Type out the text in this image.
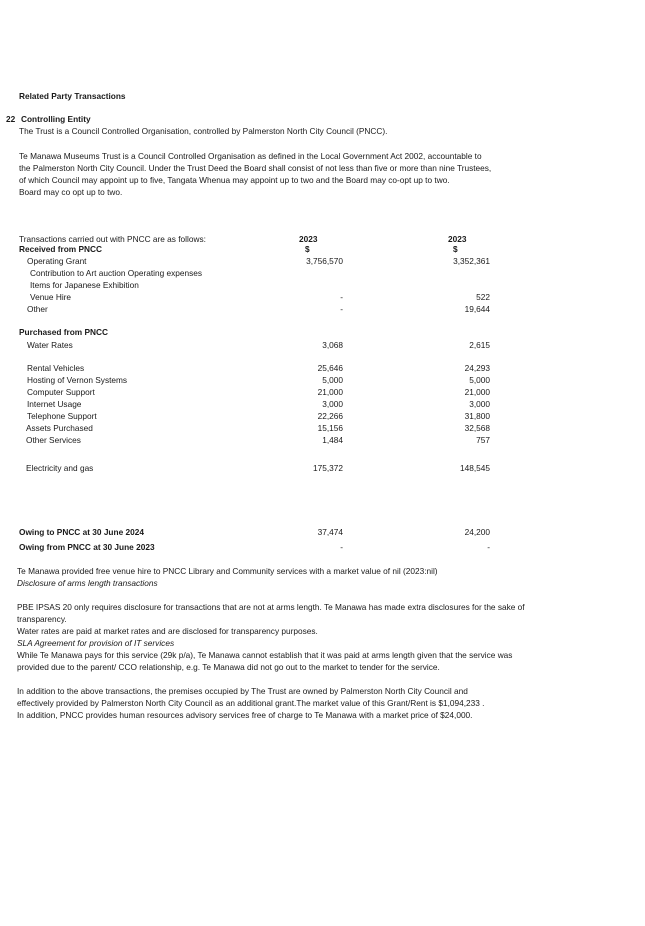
Related Party Transactions
22 Controlling Entity
The Trust is a Council Controlled Organisation, controlled by Palmerston North City Council (PNCC).
Te Manawa Museums Trust is a Council Controlled Organisation as defined in the Local Government Act 2002, accountable to
the Palmerston North City Council. Under the Trust Deed the Board shall consist of not less than five or more than nine Trustees,
of which Council may appoint up to five, Tangata Whenua may appoint up to two and the Board may co-opt up to two.
Board may co opt up to two.
Transactions carried out with PNCC are as follows:	2023	2023
Received from PNCC	$	$
Operating Grant	3,756,570	3,352,361
Contribution to Art auction Operating expenses
Items for Japanese Exhibition
Venue Hire	-	522
Other	-	19,644
Purchased from PNCC
Water Rates	3,068	2,615
Rental Vehicles	25,646	24,293
Hosting of Vernon Systems	5,000	5,000
Computer Support	21,000	21,000
Internet Usage	3,000	3,000
Telephone Support	22,266	31,800
Assets Purchased	15,156	32,568
Other Services	1,484	757
Electricity and gas	175,372	148,545
Owing to PNCC at 30 June 2024	37,474	24,200
Owing from PNCC at 30 June 2023	-	-
Te Manawa provided free venue hire to PNCC Library and Community services with a market value of nil (2023:nil)
Disclosure of arms length transactions
PBE IPSAS 20 only requires disclosure for transactions that are not at arms length. Te Manawa has made extra disclosures for the sake of
transparency.
Water rates are paid at market rates and are disclosed for transparency purposes.
SLA Agreement for provision of IT services
While Te Manawa pays for this service (29k p/a), Te Manawa cannot establish that it was paid at arms length given that the service was
provided due to the parent/ CCO relationship, e.g. Te Manawa did not go out to the market to tender for the service.
In addition to the above transactions, the premises occupied by The Trust are owned by Palmerston North City Council and
effectively provided by Palmerston North City Council as an additional grant.The market value of this Grant/Rent is $1,094,233 .
In addition, PNCC provides human resources advisory services free of charge to Te Manawa with a market price of $24,000.
